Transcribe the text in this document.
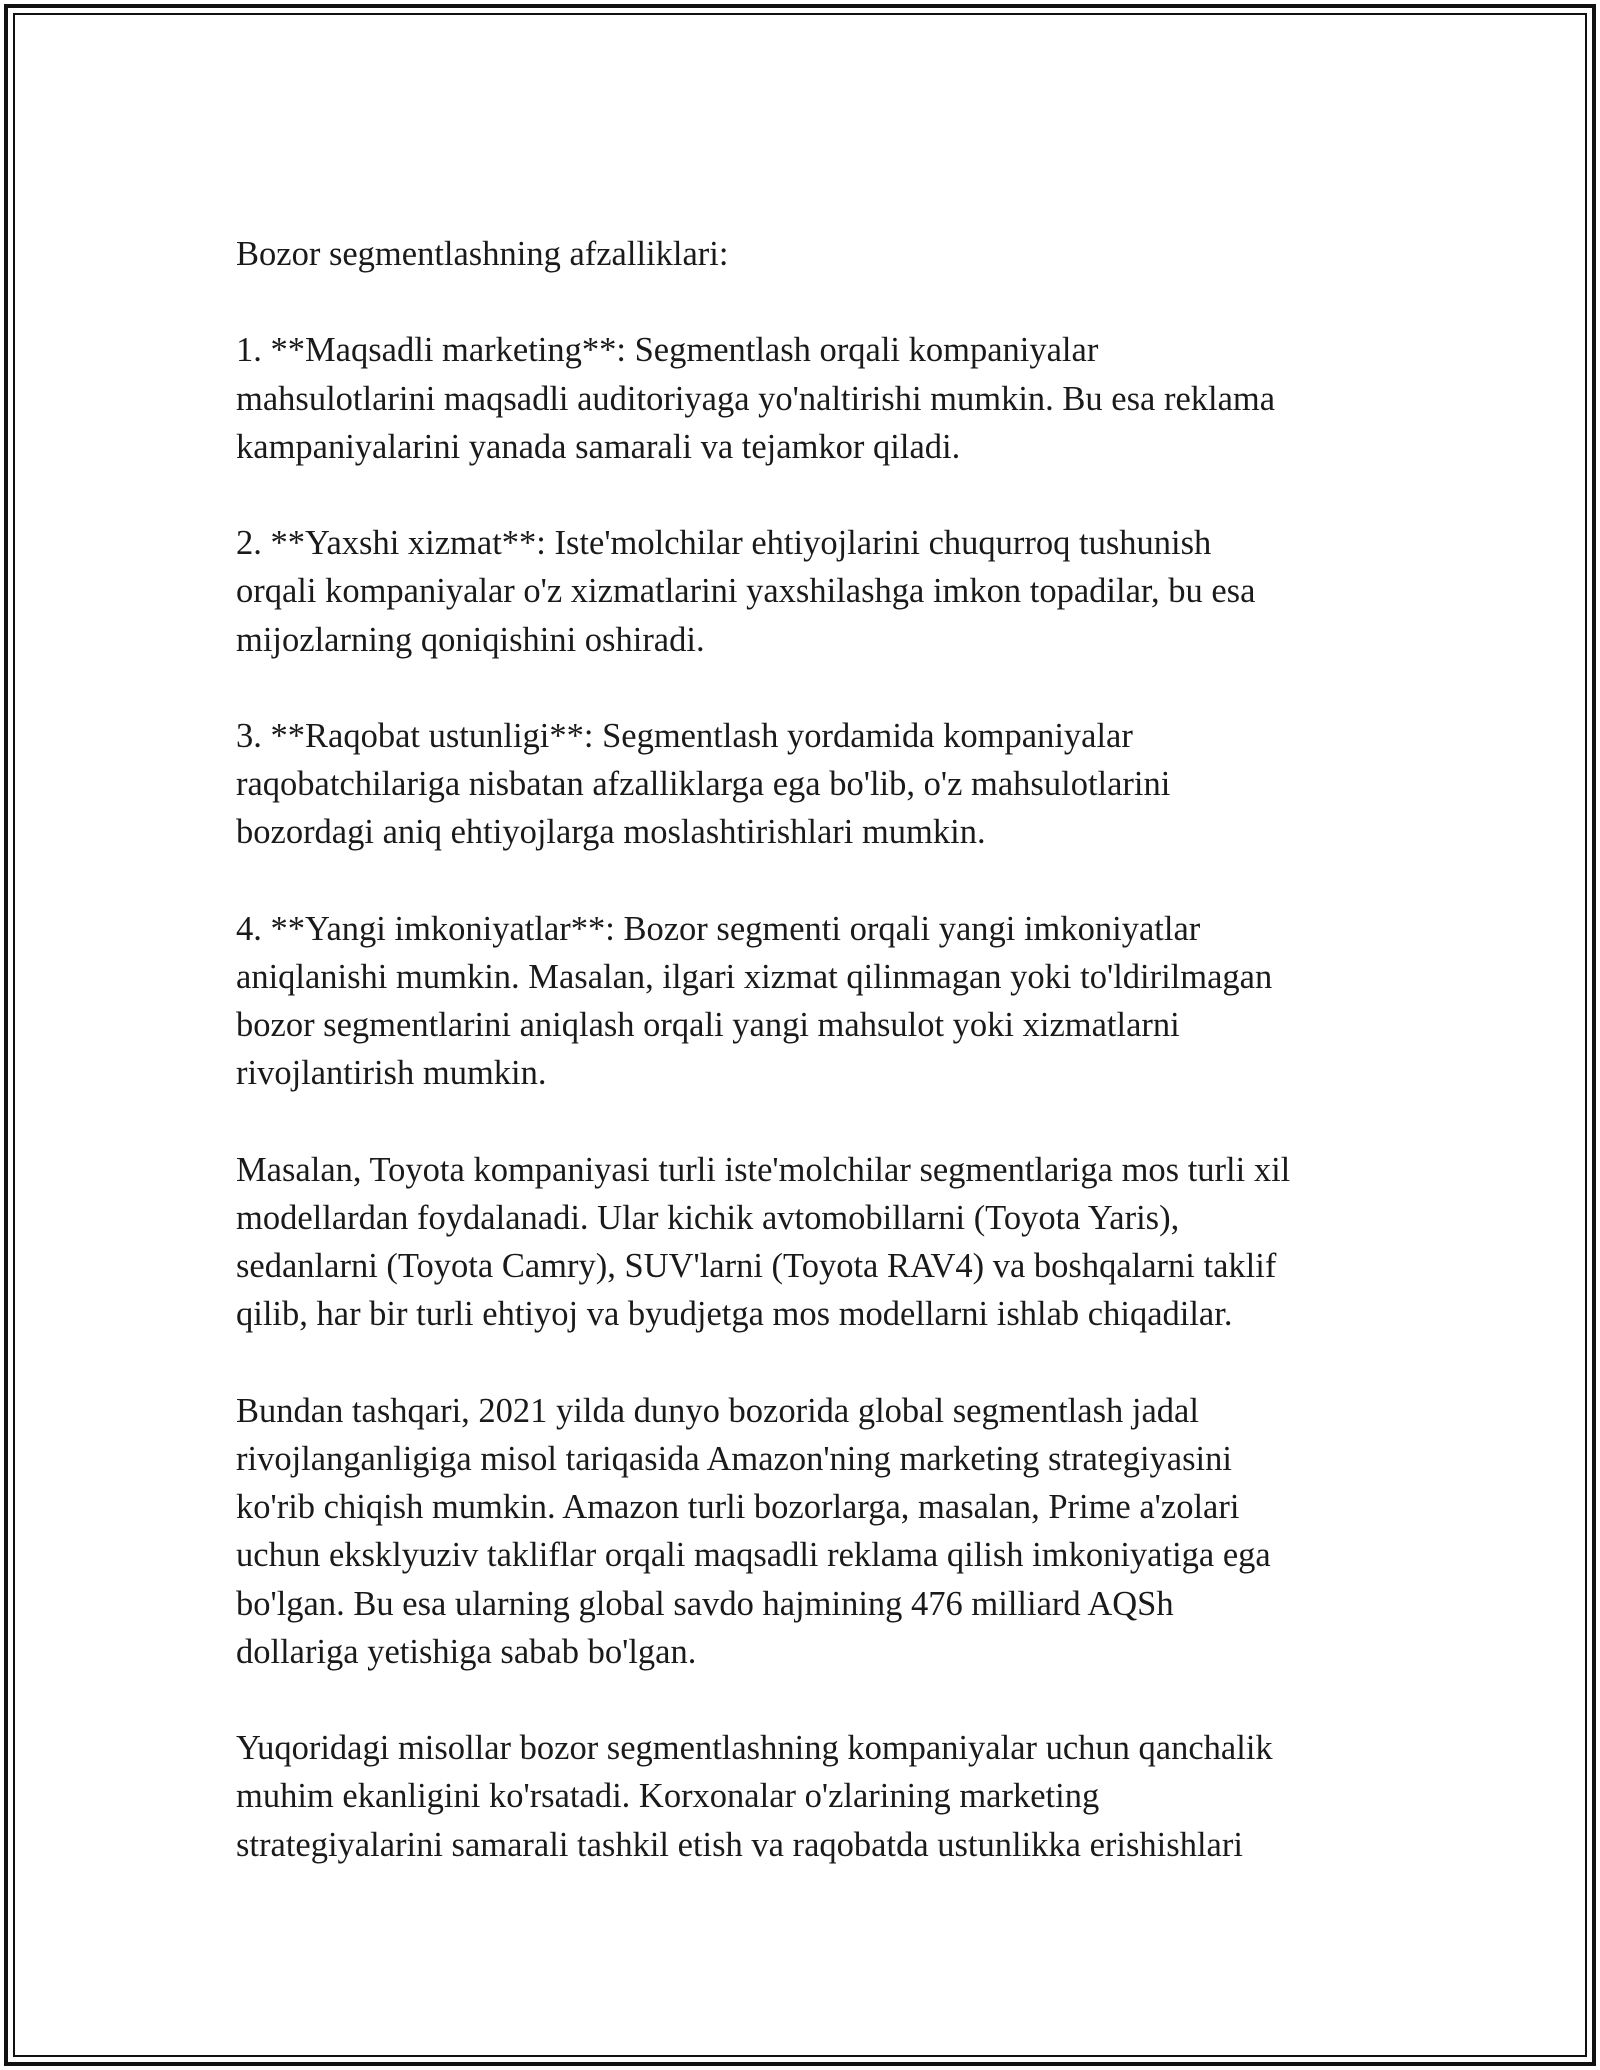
Bozor segmentlashning afzalliklari:

1. **Maqsadli marketing**: Segmentlash orqali kompaniyalar
mahsulotlarini maqsadli auditoriyaga yo'naltirishi mumkin. Bu esa reklama
kampaniyalarini yanada samarali va tejamkor qiladi.

2. **Yaxshi xizmat**: Iste'molchilar ehtiyojlarini chuqurroq tushunish
orqali kompaniyalar o'z xizmatlarini yaxshilashga imkon topadilar, bu esa
mijozlarning qoniqishini oshiradi.

3. **Raqobat ustunligi**: Segmentlash yordamida kompaniyalar
raqobatchilariga nisbatan afzalliklarga ega bo'lib, o'z mahsulotlarini
bozordagi aniq ehtiyojlarga moslashtirishlari mumkin.

4. **Yangi imkoniyatlar**: Bozor segmenti orqali yangi imkoniyatlar
aniqlanishi mumkin. Masalan, ilgari xizmat qilinmagan yoki to'ldirilmagan
bozor segmentlarini aniqlash orqali yangi mahsulot yoki xizmatlarni
rivojlantirish mumkin.

Masalan, Toyota kompaniyasi turli iste'molchilar segmentlariga mos turli xil
modellardan foydalanadi. Ular kichik avtomobillarni (Toyota Yaris),
sedanlarni (Toyota Camry), SUV'larni (Toyota RAV4) va boshqalarni taklif
qilib, har bir turli ehtiyoj va byudjetga mos modellarni ishlab chiqadilar.

Bundan tashqari, 2021 yilda dunyo bozorida global segmentlash jadal
rivojlanganligiga misol tariqasida Amazon'ning marketing strategiyasini
ko'rib chiqish mumkin. Amazon turli bozorlarga, masalan, Prime a'zolari
uchun eksklyuziv takliflar orqali maqsadli reklama qilish imkoniyatiga ega
bo'lgan. Bu esa ularning global savdo hajmining 476 milliard AQSh
dollariga yetishiga sabab bo'lgan.

Yuqoridagi misollar bozor segmentlashning kompaniyalar uchun qanchalik
muhim ekanligini ko'rsatadi. Korxonalar o'zlarining marketing
strategiyalarini samarali tashkil etish va raqobatda ustunlikka erishishlari
